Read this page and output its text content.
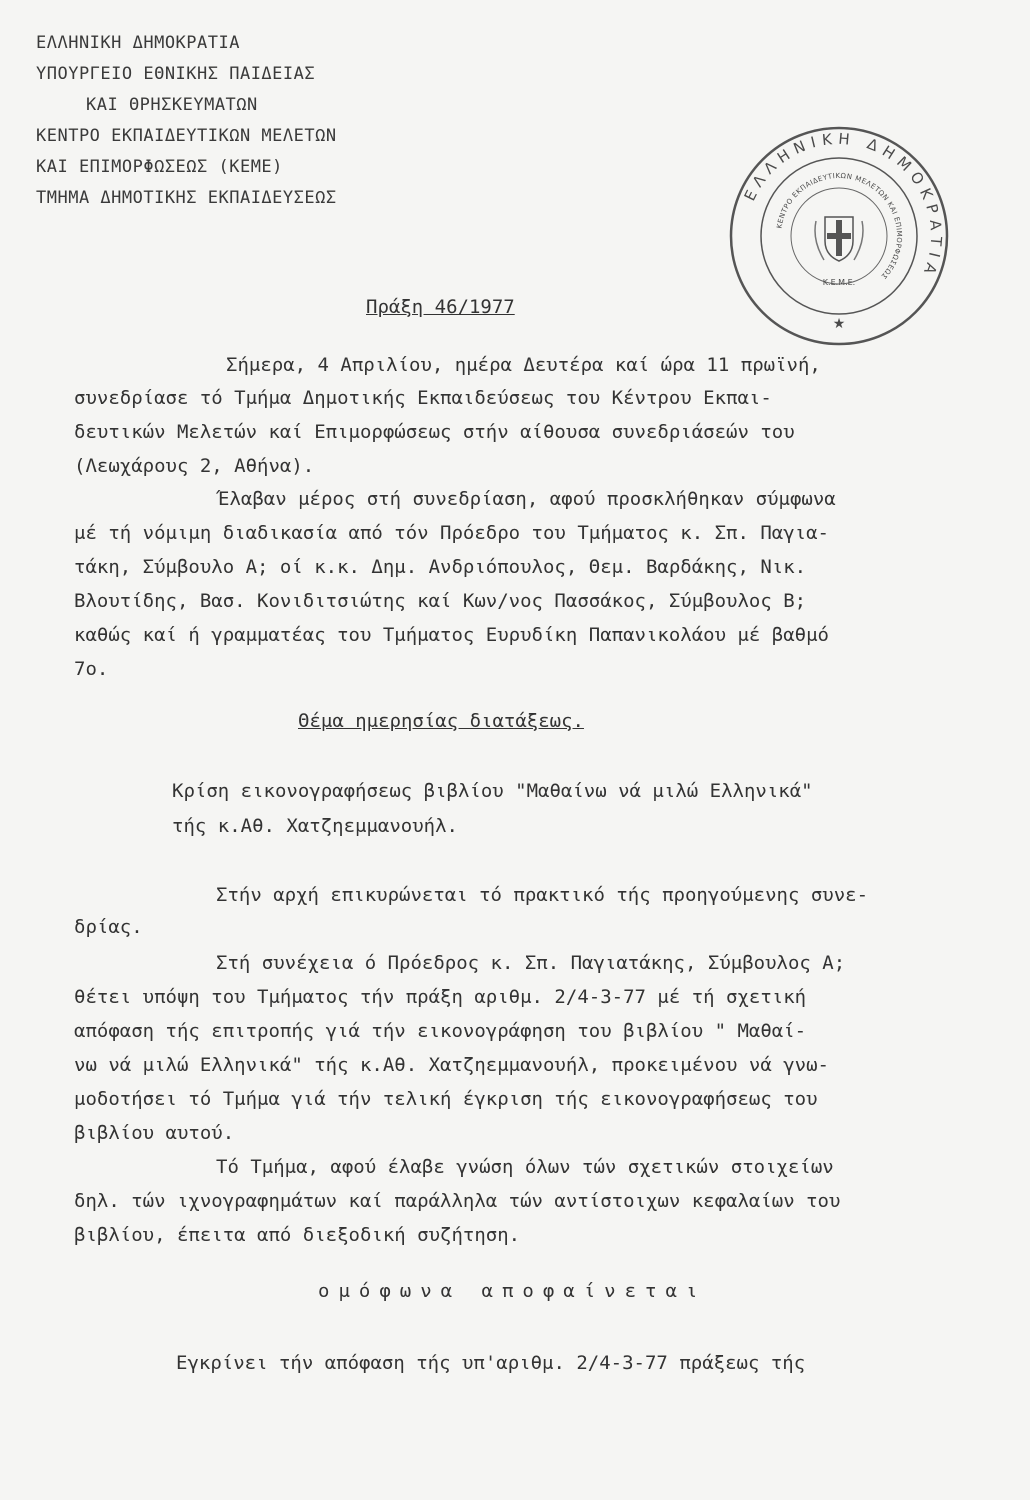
ΕΛΛΗΝΙΚΗ ΔΗΜΟΚΡΑΤΙΑ
ΥΠΟΥΡΓΕΙΟ ΕΘΝΙΚΗΣ ΠΑΙΔΕΙΑΣ
ΚΑΙ ΘΡΗΣΚΕΥΜΑΤΩΝ
ΚΕΝΤΡΟ ΕΚΠΑΙΔΕΥΤΙΚΩΝ ΜΕΛΕΤΩΝ
ΚΑΙ ΕΠΙΜΟΡΦΩΣΕΩΣ (ΚΕΜΕ)
ΤΜΗΜΑ ΔΗΜΟΤΙΚΗΣ ΕΚΠΑΙΔΕΥΣΕΩΣ	ΕΛΛΗΝΙΚΗ ΔΗΜΟΚΡΑΤΙΑ
ΚΕΝΤΡΟ ΕΚΠΑΙΔΕΥΤΙΚΩΝ ΜΕΛΕΤΩΝ ΚΑΙ ΕΠΙΜΟΡΦΩΣΕΩΣ
Κ.Ε.Μ.Ε.
★
Πράξη 46/1977
Σήμερα, 4 Απριλίου, ημέρα Δευτέρα καί ώρα 11 πρωϊνή,
συνεδρίασε τό Τμήμα Δημοτικής Εκπαιδεύσεως του Κέντρου Εκπαι-
δευτικών Μελετών καί Επιμορφώσεως στήν αίθουσα συνεδριάσεών του
(Λεωχάρους 2, Αθήνα).
Έλαβαν μέρος στή συνεδρίαση, αφού προσκλήθηκαν σύμφωνα
μέ τή νόμιμη διαδικασία από τόν Πρόεδρο του Τμήματος κ. Σπ. Παγια-
τάκη, Σύμβουλο Α; οί κ.κ. Δημ. Ανδριόπουλος, Θεμ. Βαρδάκης, Νικ.
Βλουτίδης, Βασ. Κονιδιτσιώτης καί Κων/νος Πασσάκος, Σύμβουλος Β;
καθώς καί ή γραμματέας του Τμήματος Ευρυδίκη Παπανικολάου μέ βαθμό
7ο.
Θέμα ημερησίας διατάξεως.
Κρίση εικονογραφήσεως βιβλίου "Μαθαίνω νά μιλώ Ελληνικά"
τής κ.Αθ. Χατζηεμμανουήλ.
Στήν αρχή επικυρώνεται τό πρακτικό τής προηγούμενης συνε-
δρίας.
Στή συνέχεια ό Πρόεδρος κ. Σπ. Παγιατάκης, Σύμβουλος Α;
θέτει υπόψη του Τμήματος τήν πράξη αριθμ. 2/4-3-77 μέ τή σχετική
απόφαση τής επιτροπής γιά τήν εικονογράφηση του βιβλίου " Μαθαί-
νω νά μιλώ Ελληνικά" τής κ.Αθ. Χατζηεμμανουήλ, προκειμένου νά γνω-
μοδοτήσει τό Τμήμα γιά τήν τελική έγκριση τής εικονογραφήσεως του
βιβλίου αυτού.
Τό Τμήμα, αφού έλαβε γνώση όλων τών σχετικών στοιχείων
δηλ. τών ιχνογραφημάτων καί παράλληλα τών αντίστοιχων κεφαλαίων του
βιβλίου, έπειτα από διεξοδική συζήτηση.
ομόφωνα αποφαίνεται
Εγκρίνει τήν απόφαση τής υπ'αριθμ. 2/4-3-77 πράξεως τής
